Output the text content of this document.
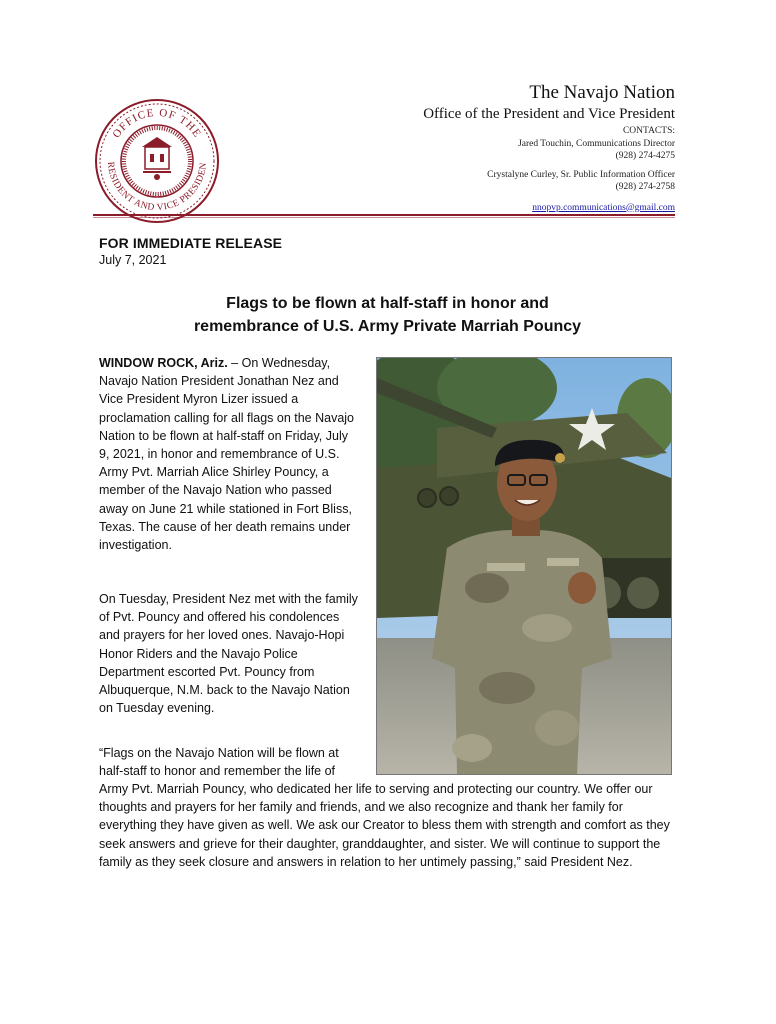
OFFICE OF THE
RESIDENT AND VICE PRESIDEN
The Navajo Nation
Office of the President and Vice President
CONTACTS:
Jared Touchin, Communications Director
(928) 274-4275
Crystalyne Curley, Sr. Public Information Officer
(928) 274-2758
nnopvp.communications@gmail.com
FOR IMMEDIATE RELEASE
July 7, 2021
Flags to be flown at half-staff in honor and
remembrance of U.S. Army Private Marriah Pouncy
WINDOW ROCK, Ariz. – On Wednesday, Navajo Nation President Jonathan Nez and Vice President Myron Lizer issued a proclamation calling for all flags on the Navajo Nation to be flown at half-staff on Friday, July 9, 2021, in honor and remembrance of U.S. Army Pvt. Marriah Alice Shirley Pouncy, a member of the Navajo Nation who passed away on June 21 while stationed in Fort Bliss, Texas. The cause of her death remains under investigation.
On Tuesday, President Nez met with the family of Pvt. Pouncy and offered his condolences and prayers for her loved ones. Navajo-Hopi Honor Riders and the Navajo Police Department escorted Pvt. Pouncy from Albuquerque, N.M. back to the Navajo Nation on Tuesday evening.
“Flags on the Navajo Nation will be flown at half-staff to honor and remember the life of
Army Pvt. Marriah Pouncy, who dedicated her life to serving and protecting our country. We offer our thoughts and prayers for her family and friends, and we also recognize and thank her family for everything they have given as well. We ask our Creator to bless them with strength and comfort as they seek answers and grieve for their daughter, granddaughter, and sister. We will continue to support the family as they seek closure and answers in relation to her untimely passing,” said President Nez.
